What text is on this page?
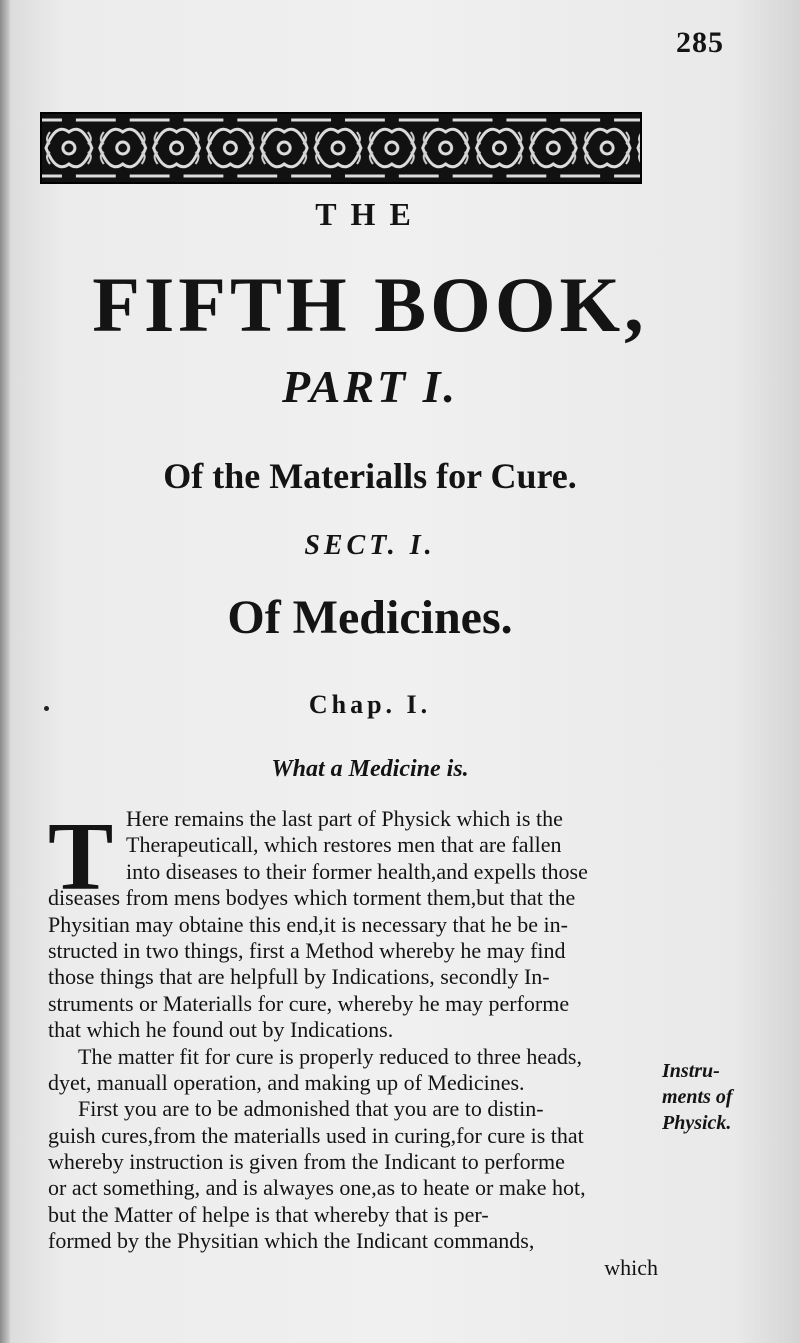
285
THE
FIFTH BOOK,
PART I.
Of the Materialls for Cure.
SECT. I.
Of Medicines.
Chap. I.
What a Medicine is.
T Here remains the last part of Physick which is the
Therapeuticall, which restores men that are fallen
into diseases to their former health,and expells those
diseases from mens bodyes which torment them,but that the
Physitian may obtaine this end,it is necessary that he be in-
structed in two things, first a Method whereby he may find
those things that are helpfull by Indications, secondly In-
struments or Materialls for cure, whereby he may performe
that which he found out by Indications.
The matter fit for cure is properly reduced to three heads,
dyet, manuall operation, and making up of Medicines.
First you are to be admonished that you are to distin-
guish cures,from the materialls used in curing,for cure is that
whereby instruction is given from the Indicant to performe
or act something, and is alwayes one,as to heate or make hot,
but the Matter of helpe is that whereby that is per-
formed by the Physitian which the Indicant commands,
which
Instru-
ments of
Physick.
